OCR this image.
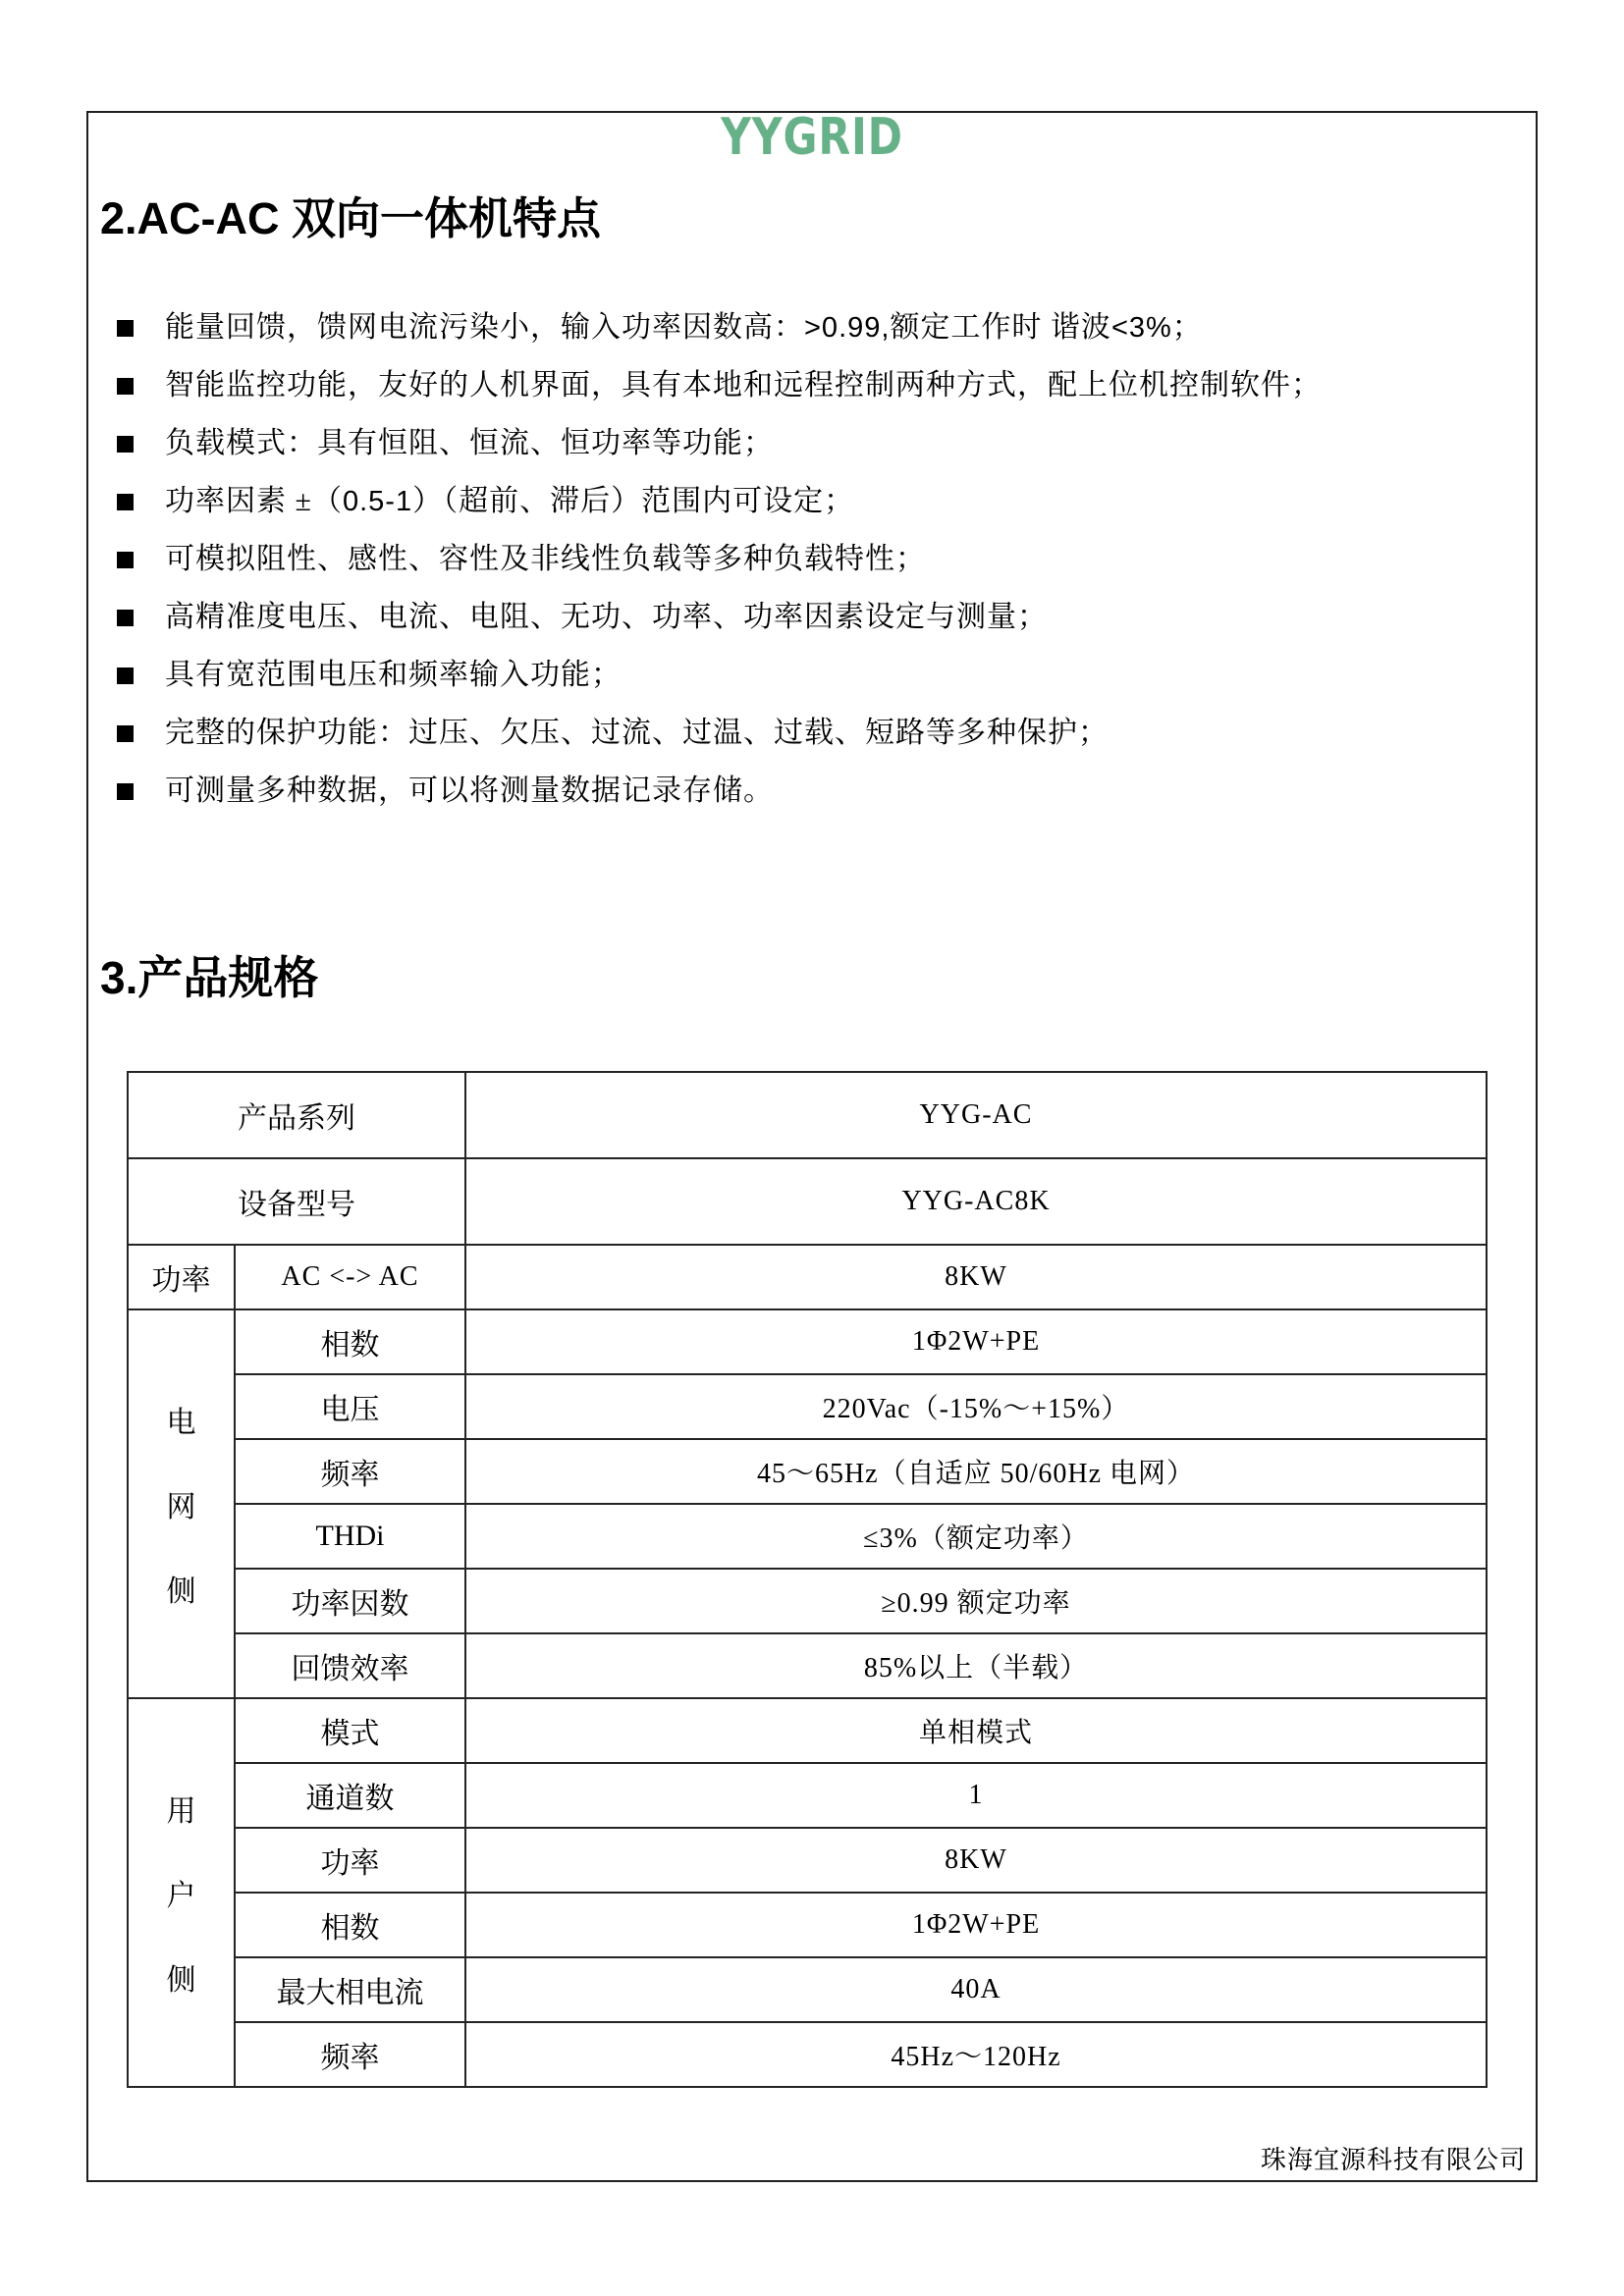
YYGRID
2.AC-AC 双向一体机特点
能量回馈，馈网电流污染小，输入功率因数高：>0.99,额定工作时 谐波<3%；
智能监控功能，友好的人机界面，具有本地和远程控制两种方式，配上位机控制软件；
负载模式：具有恒阻、恒流、恒功率等功能；
功率因素 ±（0.5-1）（超前、滞后）范围内可设定；
可模拟阻性、感性、容性及非线性负载等多种负载特性；
高精准度电压、电流、电阻、无功、功率、功率因素设定与测量；
具有宽范围电压和频率输入功能；
完整的保护功能：过压、欠压、过流、过温、过载、短路等多种保护；
可测量多种数据，可以将测量数据记录存储。
3.产品规格
产品系列		YYG-AC
设备型号		YYG-AC8K
功率	AC <-> AC	8KW

电
网
侧	相数	1Φ2W+PE
	电压	220Vac（-15%～+15%）
	频率	45～65Hz（自适应 50/60Hz 电网）
	THDi	≤3%（额定功率）
	功率因数	≥0.99 额定功率
	回馈效率	85%以上（半载）

用
户
侧	模式	单相模式
	通道数	1
	功率	8KW
	相数	1Φ2W+PE
	最大相电流	40A
	频率	45Hz～120Hz
珠海宜源科技有限公司
